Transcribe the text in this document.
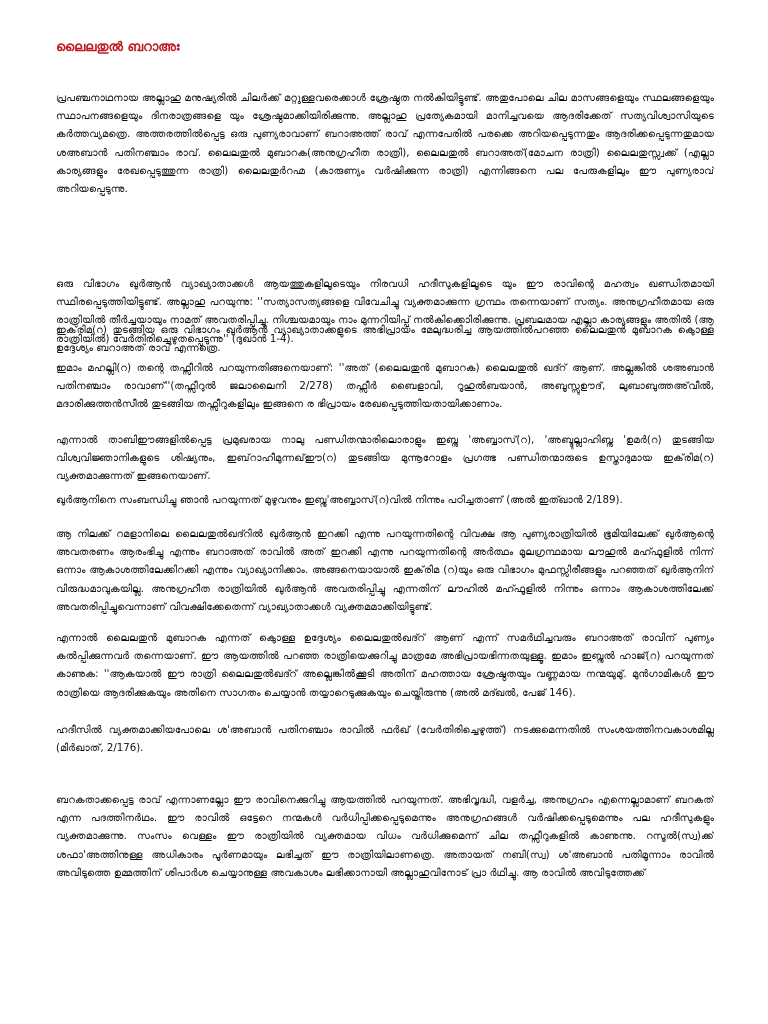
ലൈലതുൽ ബറാഅഃ

പ്രപഞ്ചനാഥനായ അല്ലാഹു മനുഷ്യരിൽ ചിലർക്ക് മറ്റുള്ളവരെക്കാൾ ശ്രേഷ്ഠത നൽകിയിട്ടുണ്ട്. അതുപോലെ ചില മാസങ്ങളെയും സ്ഥലങ്ങളെയും സ്ഥാപനങ്ങളെയും ദിനരാത്രങ്ങളെ യും ശ്രേഷ്ഠമാക്കിയിരിക്കുന്നു. അല്ലാഹു പ്രത്യേകമായി മാനിച്ചവയെ ആദരിക്കേത് സത്യവിശ്വാസിയുടെ കർത്തവ്യമത്രെ. അത്തരത്തിൽപ്പെട്ട ഒരു പുണ്യരാവാണ് ബറാഅത്ത് രാവ് എന്നപേരിൽ പരക്കെ അറിയപ്പെടുന്നതും ആദരിക്കപ്പെടുന്നതുമായ ശഅബാൻ പതിനഞ്ചാം രാവ്. ലൈലതുൽ മുബാറക(അനുഗ്രഹീത രാത്രി), ലൈലതുൽ ബറാഅത്(മോചന രാത്രി) ലൈലതുസ്സ്വക്ക് (എല്ലാ കാര്യങ്ങളും രേഖപ്പെടുത്തുന്ന രാത്രി) ലൈലതുർറഹ്മ (കാരുണ്യം വർഷിക്കുന്ന രാത്രി) എന്നിങ്ങനെ പല പേരുകളിലും ഈ പുണ്യരാവ് അറിയപ്പെടുന്നു.

ഒരു വിഭാഗം ഖുർആൻ വ്യാഖ്യാതാക്കൾ ആയത്തുകളിലൂടെയും നിരവധി ഹദീസുകളിലൂടെ യും ഈ രാവിന്റെ മഹത്വം ഖണ്ഡിതമായി സ്ഥിരപ്പെടുത്തിയിട്ടുണ്ട്. അല്ലാഹു പറയുന്നു: ''സത്യാസത്യങ്ങളെ വിവേചിച്ചു വ്യക്തമാക്കുന്ന ഗ്രന്ഥം തന്നെയാണ് സത്യം. അനുഗ്രഹീതമായ ഒരു രാത്രിയിൽ തീർച്ചയായും നാമത് അവതരിപ്പിച്ചു. നിശ്ചയമായും നാം മുന്നറിയിപ്പ് നൽകിക്കൊിരിക്കുന്നു. പ്രബലമായ എല്ലാ കാര്യങ്ങളും അതിൽ (ആ രാത്രിയിൽ) വേർതിരിച്ചെഴുതപ്പെടുന്നു'' (ദുഖാൻ 1-4).

ഇക്‌രിമ(റ) തുടങ്ങിയ ഒരു വിഭാഗം ഖുർആൻ വ്യാഖ്യാതാക്കളുടെ അഭിപ്രായം മേലുദ്ധരിച്ച ആയത്തിൽപറഞ്ഞ ലൈലതുൻ മുബാറക കൊുള്ള ഉദ്ദേശ്യം ബറാഅത് രാവ് എന്നത്രെ.

ഇമാം മഹല്ലി(റ) തന്റെ തഫ്സീറിൽ പറയുന്നതിങ്ങനെയാണ്: ''അത് (ലൈലതുൻ മുബാറക) ലൈലതുൽ ഖദ്റ് ആണ്. അല്ലങ്കിൽ ശഅബാൻ പതിനഞ്ചാം രാവാണ്''(തഫ്സീറുൽ ജലാലൈനി 2/278) തഫ്സീർ ബൈളാവി, റൂഹുൽബയാൻ, അബൂസ്സുഊദ്, ലുബാബുത്തഅ്‌വീൽ, മദാരിക്കുത്തൻസീൽ തുടങ്ങിയ തഫ്സീറുകളിലും ഇങ്ങനെ ര ഭിപ്രായം രേഖപ്പെടുത്തിയതായിക്കാണാം.

എന്നാൽ താബിഈങ്ങളിൽപ്പെട്ട പ്രമുഖരായ നാലു പണ്ഡിതന്മാരിലൊരാളും ഇബ്നു 'അബ്ബാസ്(റ), 'അബ്ദുല്ലാഹിബ്നു 'ഉമർ(റ) തുടങ്ങിയ വിശ്വവിജ്ഞാനികളുടെ ശിഷ്യനും, ഇബ്‌റാഹീമുന്നഖ്ഈ(റ) തുടങ്ങിയ മുന്നൂറോളം പ്രഗത്ഭ പണ്ഡിതന്മാരുടെ ഉസ്താദുമായ ഇക്‌രിമ(റ) വ്യക്തമാക്കുന്നത് ഇങ്ങനെയാണ്.

ഖുർആനിനെ സംബന്ധിച്ചു ഞാൻ പറയുന്നത് മുഴുവനും ഇബ്നു'അബ്ബാസ്(റ)വിൽ നിന്നും പഠിച്ചതാണ് (അൽ ഇത്ഖാൻ 2/189).

ആ നിലക്ക് റമളാനിലെ ലൈലതുൽഖദ്റിൽ ഖുർആൻ ഇറക്കി എന്നു പറയുന്നതിന്റെ വിവക്ഷ ആ പുണ്യരാത്രിയിൽ ഭൂമിയിലേക്ക് ഖുർആന്റെ അവതരണം ആരംഭിച്ചു എന്നും ബറാഅത് രാവിൽ അത് ഇറക്കി എന്നു പറയുന്നതിന്റെ അർത്ഥം മൂലഗ്രന്ഥമായ ലൗഹുൽ മഹ്ഫൂളിൽ നിന്ന് ഒന്നാം ആകാശത്തിലേക്കിറക്കി എന്നും വ്യാഖ്യാനിക്കാം. അങ്ങനെയായാൽ ഇക്‌രിമ (റ)യും ഒരു വിഭാഗം മുഫസ്സിരീങ്ങളും പറഞ്ഞത് ഖുർആനിന് വിരുദ്ധമാവുകയില്ല. അനുഗ്രഹീത രാത്രിയിൽ ഖുർആൻ അവതരിപ്പിച്ചു എന്നതിന് ലൗഹിൽ മഹ്ഫൂളിൽ നിന്നും ഒന്നാം ആകാശത്തിലേക്ക് അവതരിപ്പിച്ചുവെന്നാണ് വിവക്ഷിക്കേതെന്ന് വ്യാഖ്യാതാക്കൾ വ്യക്തമമാക്കിയിട്ടുണ്ട്.

എന്നാൽ ലൈലതുൻ മുബാറക എന്നത് കൊുള്ള ഉദ്ദേശ്യം ലൈലതുൽഖദ്റ് ആണ് എന്ന് സമർഥിച്ചവരും ബറാഅത് രാവിന് പുണ്യം കൽപ്പിക്കുന്നവർ തന്നെയാണ്. ഈ ആയത്തിൽ പറഞ്ഞ രാത്രിയെക്കുറിച്ചു മാത്രമേ അഭിപ്രായഭിന്നതയുള്ളൂ. ഇമാം ഇബ്നുൽ ഹാജ്(റ) പറയുന്നത് കാണുക: ''ആകയാൽ ഈ രാത്രി ലൈലതുൽഖദ്റ് അല്ലെങ്കിൽക്കൂടി അതിന് മഹത്തായ ശ്രേഷ്ഠതയും വണ്ണമായ നന്മയുമു്. മുൻഗാമികൾ ഈ രാത്രിയെ ആദരിക്കുകയും അതിനെ സാഗതം ചെയ്യാൻ തയ്യാറെടുക്കുകയും ചെയ്തിരുന്നു (അൽ മദ്ഖൽ, പേജ് 146).

ഹദീസിൽ വ്യക്തമാക്കിയപോലെ ശ'അബാൻ പതിനഞ്ചാം രാവിൽ ഫർഖ് (വേർതിരിച്ചെഴുത്ത്) നടക്കുമെന്നതിൽ സംശയത്തിനവകാശമില്ല (മിർഖാത്, 2/176).

ബറകതാക്കപ്പെട്ട രാവ് എന്നാണല്ലോ ഈ രാവിനെക്കുറിച്ചു ആയത്തിൽ പറയുന്നത്. അഭിവൃദ്ധി, വളർച്ച, അനുഗ്രഹം എന്നെല്ലാമാണ് ബറകത് എന്ന പദത്തിനർഥം. ഈ രാവിൽ ഒട്ടേറെ നന്മകൾ വർധിപ്പിക്കപ്പെടുമെന്നും അനുഗ്രഹങ്ങൾ വർഷിക്കപ്പെടുമെന്നും പല ഹദീസുകളും വ്യക്തമാക്കുന്നു. സംസം വെള്ളം ഈ രാത്രിയിൽ വ്യക്തമായ വിധം വർധിക്കുമെന്ന് ചില തഫ്സീറുകളിൽ കാണുന്നു. റസൂൽ(സ്വ)ക്ക് ശഫാ'അത്തിനുള്ള അധികാരം പൂർണമായും ലഭിച്ചത് ഈ രാത്രിയിലാണത്രെ. അതായത് നബി(സ്വ) ശ'അബാൻ പതിമൂന്നാം രാവിൽ അവിടുത്തെ ഉമ്മത്തിന് ശിപാർശ ചെയ്യാനുള്ള അവകാശം ലഭിക്കാനായി അല്ലാഹുവിനോട് പ്രാ ർഥിച്ചു. ആ രാവിൽ അവിടുത്തേക്ക്
